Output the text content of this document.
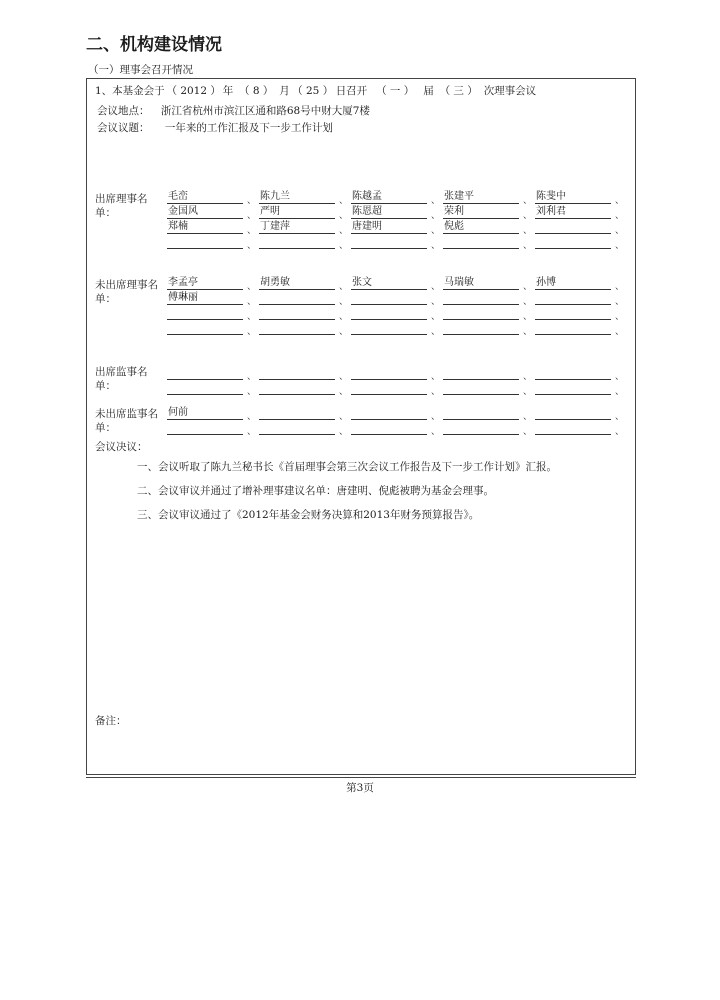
二、机构建设情况
（一）理事会召开情况
1、本基金会于 （ 2012 ） 年 （ 8 ） 月 （ 25 ） 日召开 （ 一 ） 届 （ 三 ） 次理事会议
会议地点： 浙江省杭州市滨江区通和路68号中财大厦7楼
会议议题： 一年来的工作汇报及下一步工作计划
出席理事名单：
毛峦	、 陈九兰	、 陈越孟	、 张建平	、 陈斐中	、
金国风	、 严明	、 陈恩超	、 荣利	、 刘利君	、
郑楠	、 丁建萍	、 唐建明	、 倪彪	、	、
、	、	、	、	、
未出席理事名单：
李孟亭	、 胡勇敏	、 张文	、 马瑞敏	、 孙博	、
傅琳丽	、	、	、	、	、
、	、	、	、	、
、	、	、	、	、
出席监事名单：
、	、	、	、	、
、	、	、	、	、
未出席监事名单：
何前	、	、	、	、	、
、	、	、	、	、
会议决议：
一、会议听取了陈九兰秘书长《首届理事会第三次会议工作报告及下一步工作计划》汇报。
二、会议审议并通过了增补理事建议名单：唐建明、倪彪被聘为基金会理事。
三、会议审议通过了《2012年基金会财务决算和2013年财务预算报告》。
备注：
第3页
